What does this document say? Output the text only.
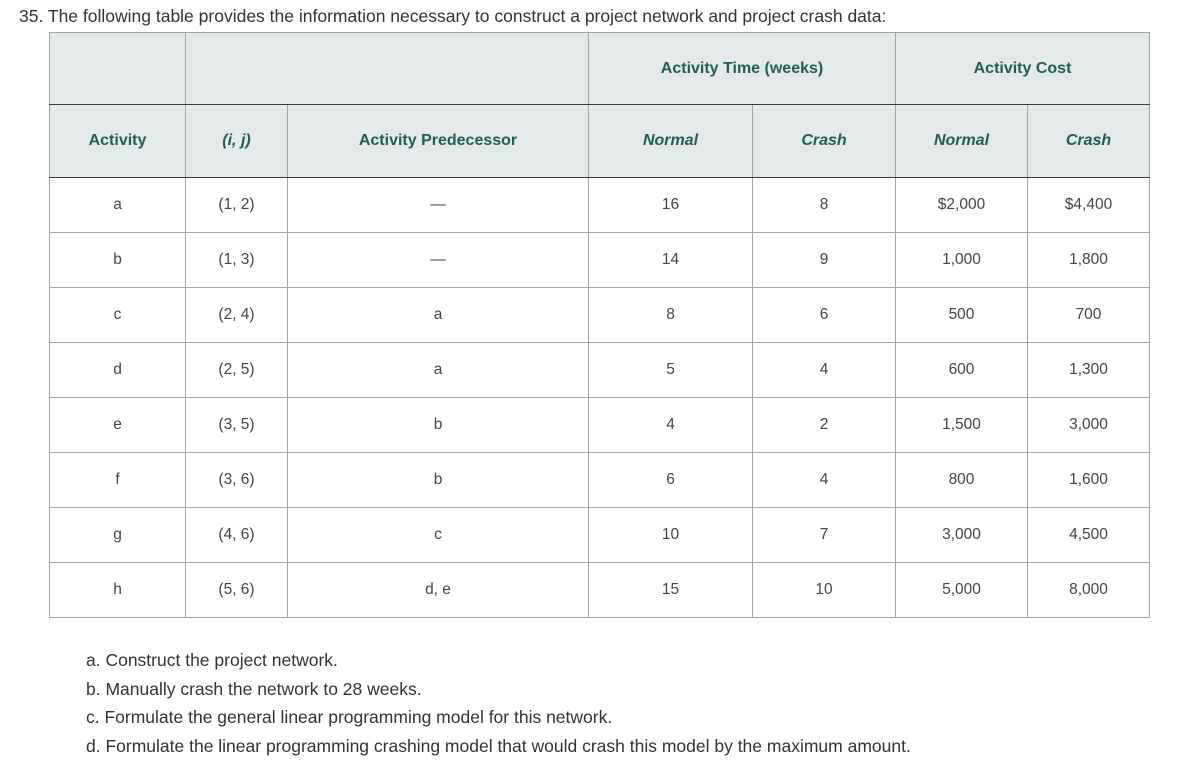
35. The following table provides the information necessary to construct a project network and project crash data:
			Activity Time (weeks)		Activity Cost	
Activity	(i, j)	Activity Predecessor	Normal	Crash	Normal	Crash
a	(1, 2)	—	16	8	$2,000	$4,400
b	(1, 3)	—	14	9	1,000	1,800
c	(2, 4)	a	8	6	500	700
d	(2, 5)	a	5	4	600	1,300
e	(3, 5)	b	4	2	1,500	3,000
f	(3, 6)	b	6	4	800	1,600
g	(4, 6)	c	10	7	3,000	4,500
h	(5, 6)	d, e	15	10	5,000	8,000
a. Construct the project network.
b. Manually crash the network to 28 weeks.
c. Formulate the general linear programming model for this network.
d. Formulate the linear programming crashing model that would crash this model by the maximum amount.
